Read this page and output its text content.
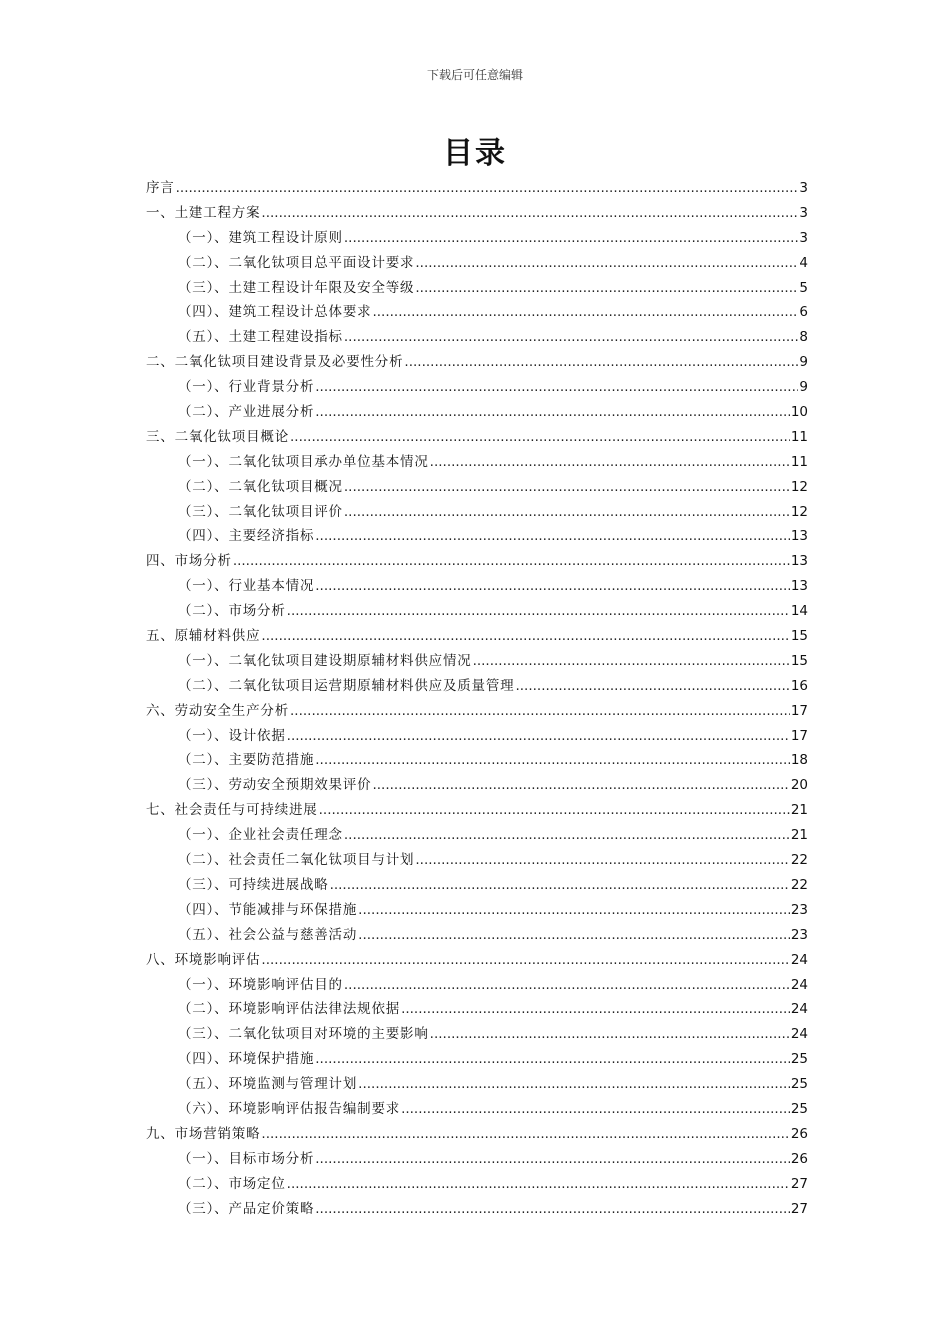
下载后可任意编辑
目录
序言 .....	3
一、土建工程方案 .....	3
（一）、建筑工程设计原则 .....	3
（二）、二氧化钛项目总平面设计要求 .....	4
（三）、土建工程设计年限及安全等级 .....	5
（四）、建筑工程设计总体要求 .....	6
（五）、土建工程建设指标 .....	8
二、二氧化钛项目建设背景及必要性分析 .....	9
（一）、行业背景分析 .....	9
（二）、产业进展分析 .....	10
三、二氧化钛项目概论 .....	11
（一）、二氧化钛项目承办单位基本情况 .....	11
（二）、二氧化钛项目概况 .....	12
（三）、二氧化钛项目评价 .....	12
（四）、主要经济指标 .....	13
四、市场分析 .....	13
（一）、行业基本情况 .....	13
（二）、市场分析 .....	14
五、原辅材料供应 .....	15
（一）、二氧化钛项目建设期原辅材料供应情况 .....	15
（二）、二氧化钛项目运营期原辅材料供应及质量管理 .....	16
六、劳动安全生产分析 .....	17
（一）、设计依据 .....	17
（二）、主要防范措施 .....	18
（三）、劳动安全预期效果评价 .....	20
七、社会责任与可持续进展 .....	21
（一）、企业社会责任理念 .....	21
（二）、社会责任二氧化钛项目与计划 .....	22
（三）、可持续进展战略 .....	22
（四）、节能减排与环保措施 .....	23
（五）、社会公益与慈善活动 .....	23
八、环境影响评估 .....	24
（一）、环境影响评估目的 .....	24
（二）、环境影响评估法律法规依据 .....	24
（三）、二氧化钛项目对环境的主要影响 .....	24
（四）、环境保护措施 .....	25
（五）、环境监测与管理计划 .....	25
（六）、环境影响评估报告编制要求 .....	25
九、市场营销策略 .....	26
（一）、目标市场分析 .....	26
（二）、市场定位 .....	27
（三）、产品定价策略 .....	27
